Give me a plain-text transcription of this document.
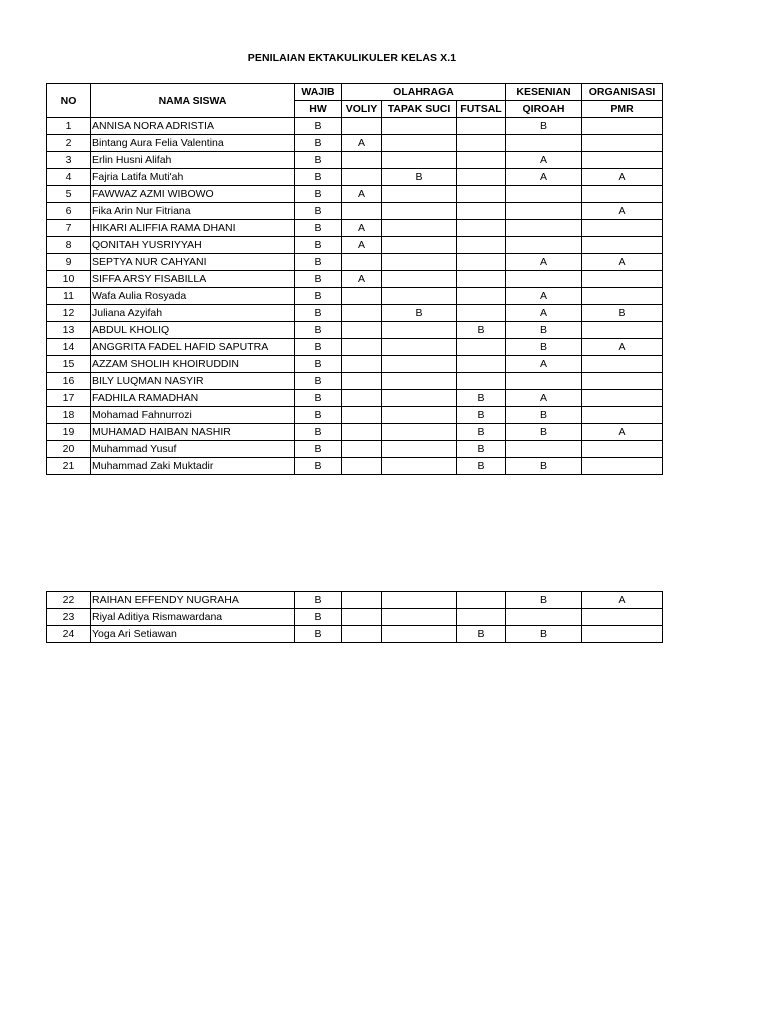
PENILAIAN EKTAKULIKULER KELAS X.1
NO	NAMA SISWA	WAJIB	OLAHRAGA			KESENIAN	ORGANISASI
		HW	VOLIY	TAPAK SUCI	FUTSAL	QIROAH	PMR
1	ANNISA NORA ADRISTIA	B				B	
2	Bintang Aura Felia Valentina	B	A				
3	Erlin Husni Alifah	B				A	
4	Fajria Latifa Muti'ah	B		B		A	A
5	FAWWAZ AZMI WIBOWO	B	A				
6	Fika Arin Nur Fitriana	B					A
7	HIKARI ALIFFIA RAMA DHANI	B	A				
8	QONITAH YUSRIYYAH	B	A				
9	SEPTYA NUR CAHYANI	B				A	A
10	SIFFA ARSY FISABILLA	B	A				
11	Wafa Aulia Rosyada	B				A	
12	Juliana Azyifah	B		B		A	B
13	ABDUL KHOLIQ	B			B	B	
14	ANGGRITA FADEL HAFID SAPUTRA	B				B	A
15	AZZAM SHOLIH KHOIRUDDIN	B				A	
16	BILY LUQMAN NASYIR	B					
17	FADHILA RAMADHAN	B			B	A	
18	Mohamad Fahnurrozi	B			B	B	
19	MUHAMAD HAIBAN NASHIR	B			B	B	A
20	Muhammad Yusuf	B			B		
21	Muhammad Zaki Muktadir	B			B	B	
22	RAIHAN EFFENDY NUGRAHA	B				B	A
23	Riyal Aditiya Rismawardana	B					
24	Yoga Ari Setiawan	B			B	B	
